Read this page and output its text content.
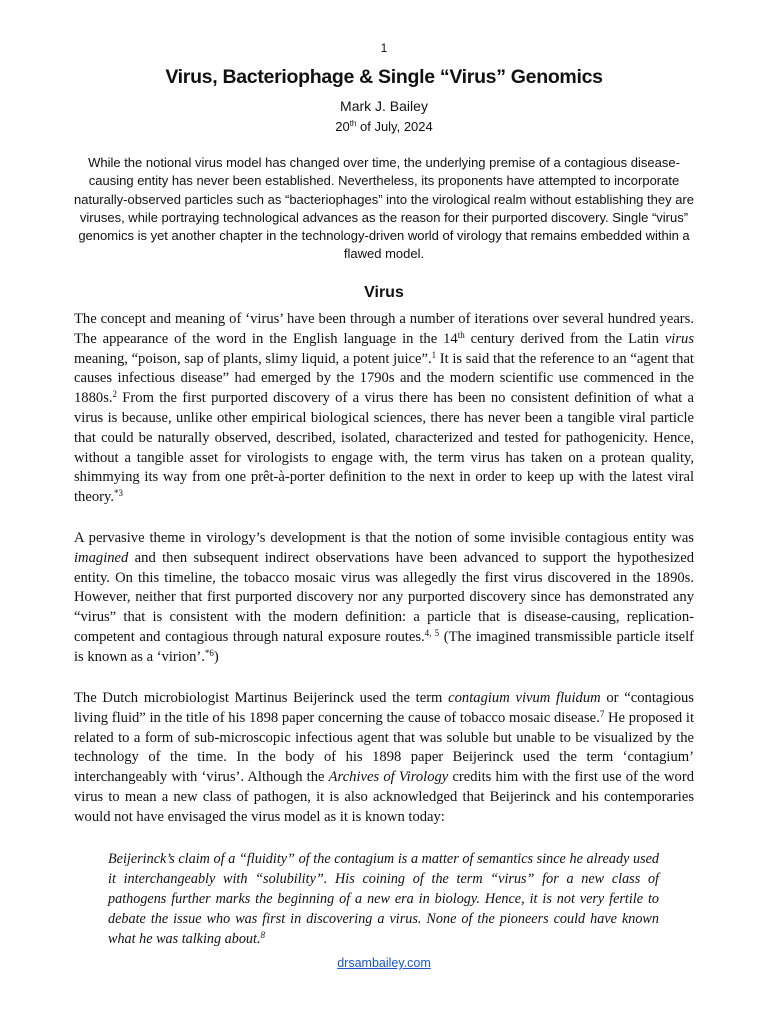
1
Virus, Bacteriophage & Single “Virus” Genomics
Mark J. Bailey
20th of July, 2024
While the notional virus model has changed over time, the underlying premise of a contagious disease-causing entity has never been established. Nevertheless, its proponents have attempted to incorporate naturally-observed particles such as “bacteriophages” into the virological realm without establishing they are viruses, while portraying technological advances as the reason for their purported discovery. Single “virus” genomics is yet another chapter in the technology-driven world of virology that remains embedded within a flawed model.
Virus

The concept and meaning of ‘virus’ have been through a number of iterations over several hundred years. The appearance of the word in the English language in the 14th century derived from the Latin virus meaning, “poison, sap of plants, slimy liquid, a potent juice”.$^1$ It is said that the reference to an “agent that causes infectious disease” had emerged by the 1790s and the modern scientific use commenced in the 1880s.$^2$ From the first purported discovery of a virus there has been no consistent definition of what a virus is because, unlike other empirical biological sciences, there has never been a tangible viral particle that could be naturally observed, described, isolated, characterized and tested for pathogenicity. Hence, without a tangible asset for virologists to engage with, the term virus has taken on a protean quality, shimmying its way from one prêt-à-porter definition to the next in order to keep up with the latest viral theory.$^{*3}$

A pervasive theme in virology’s development is that the notion of some invisible contagious entity was imagined and then subsequent indirect observations have been advanced to support the hypothesized entity. On this timeline, the tobacco mosaic virus was allegedly the first virus discovered in the 1890s. However, neither that first purported discovery nor any purported discovery since has demonstrated any “virus” that is consistent with the modern definition: a particle that is disease-causing, replication-competent and contagious through natural exposure routes.$^{4, 5}$ (The imagined transmissible particle itself is known as a ‘virion’.$^{*6}$)

The Dutch microbiologist Martinus Beijerinck used the term contagium vivum fluidum or “contagious living fluid” in the title of his 1898 paper concerning the cause of tobacco mosaic disease.$^7$ He proposed it related to a form of sub-microscopic infectious agent that was soluble but unable to be visualized by the technology of the time. In the body of his 1898 paper Beijerinck used the term ‘contagium’ interchangeably with ‘virus’. Although the Archives of Virology credits him with the first use of the word virus to mean a new class of pathogen, it is also acknowledged that Beijerinck and his contemporaries would not have envisaged the virus model as it is known today:

Beijerinck’s claim of a “fluidity” of the contagium is a matter of semantics since he already used it interchangeably with “solubility”. His coining of the term “virus” for a new class of pathogens further marks the beginning of a new era in biology. Hence, it is not very fertile to debate the issue who was first in discovering a virus. None of the pioneers could have known what he was talking about.$^8$

drsambailey.com
